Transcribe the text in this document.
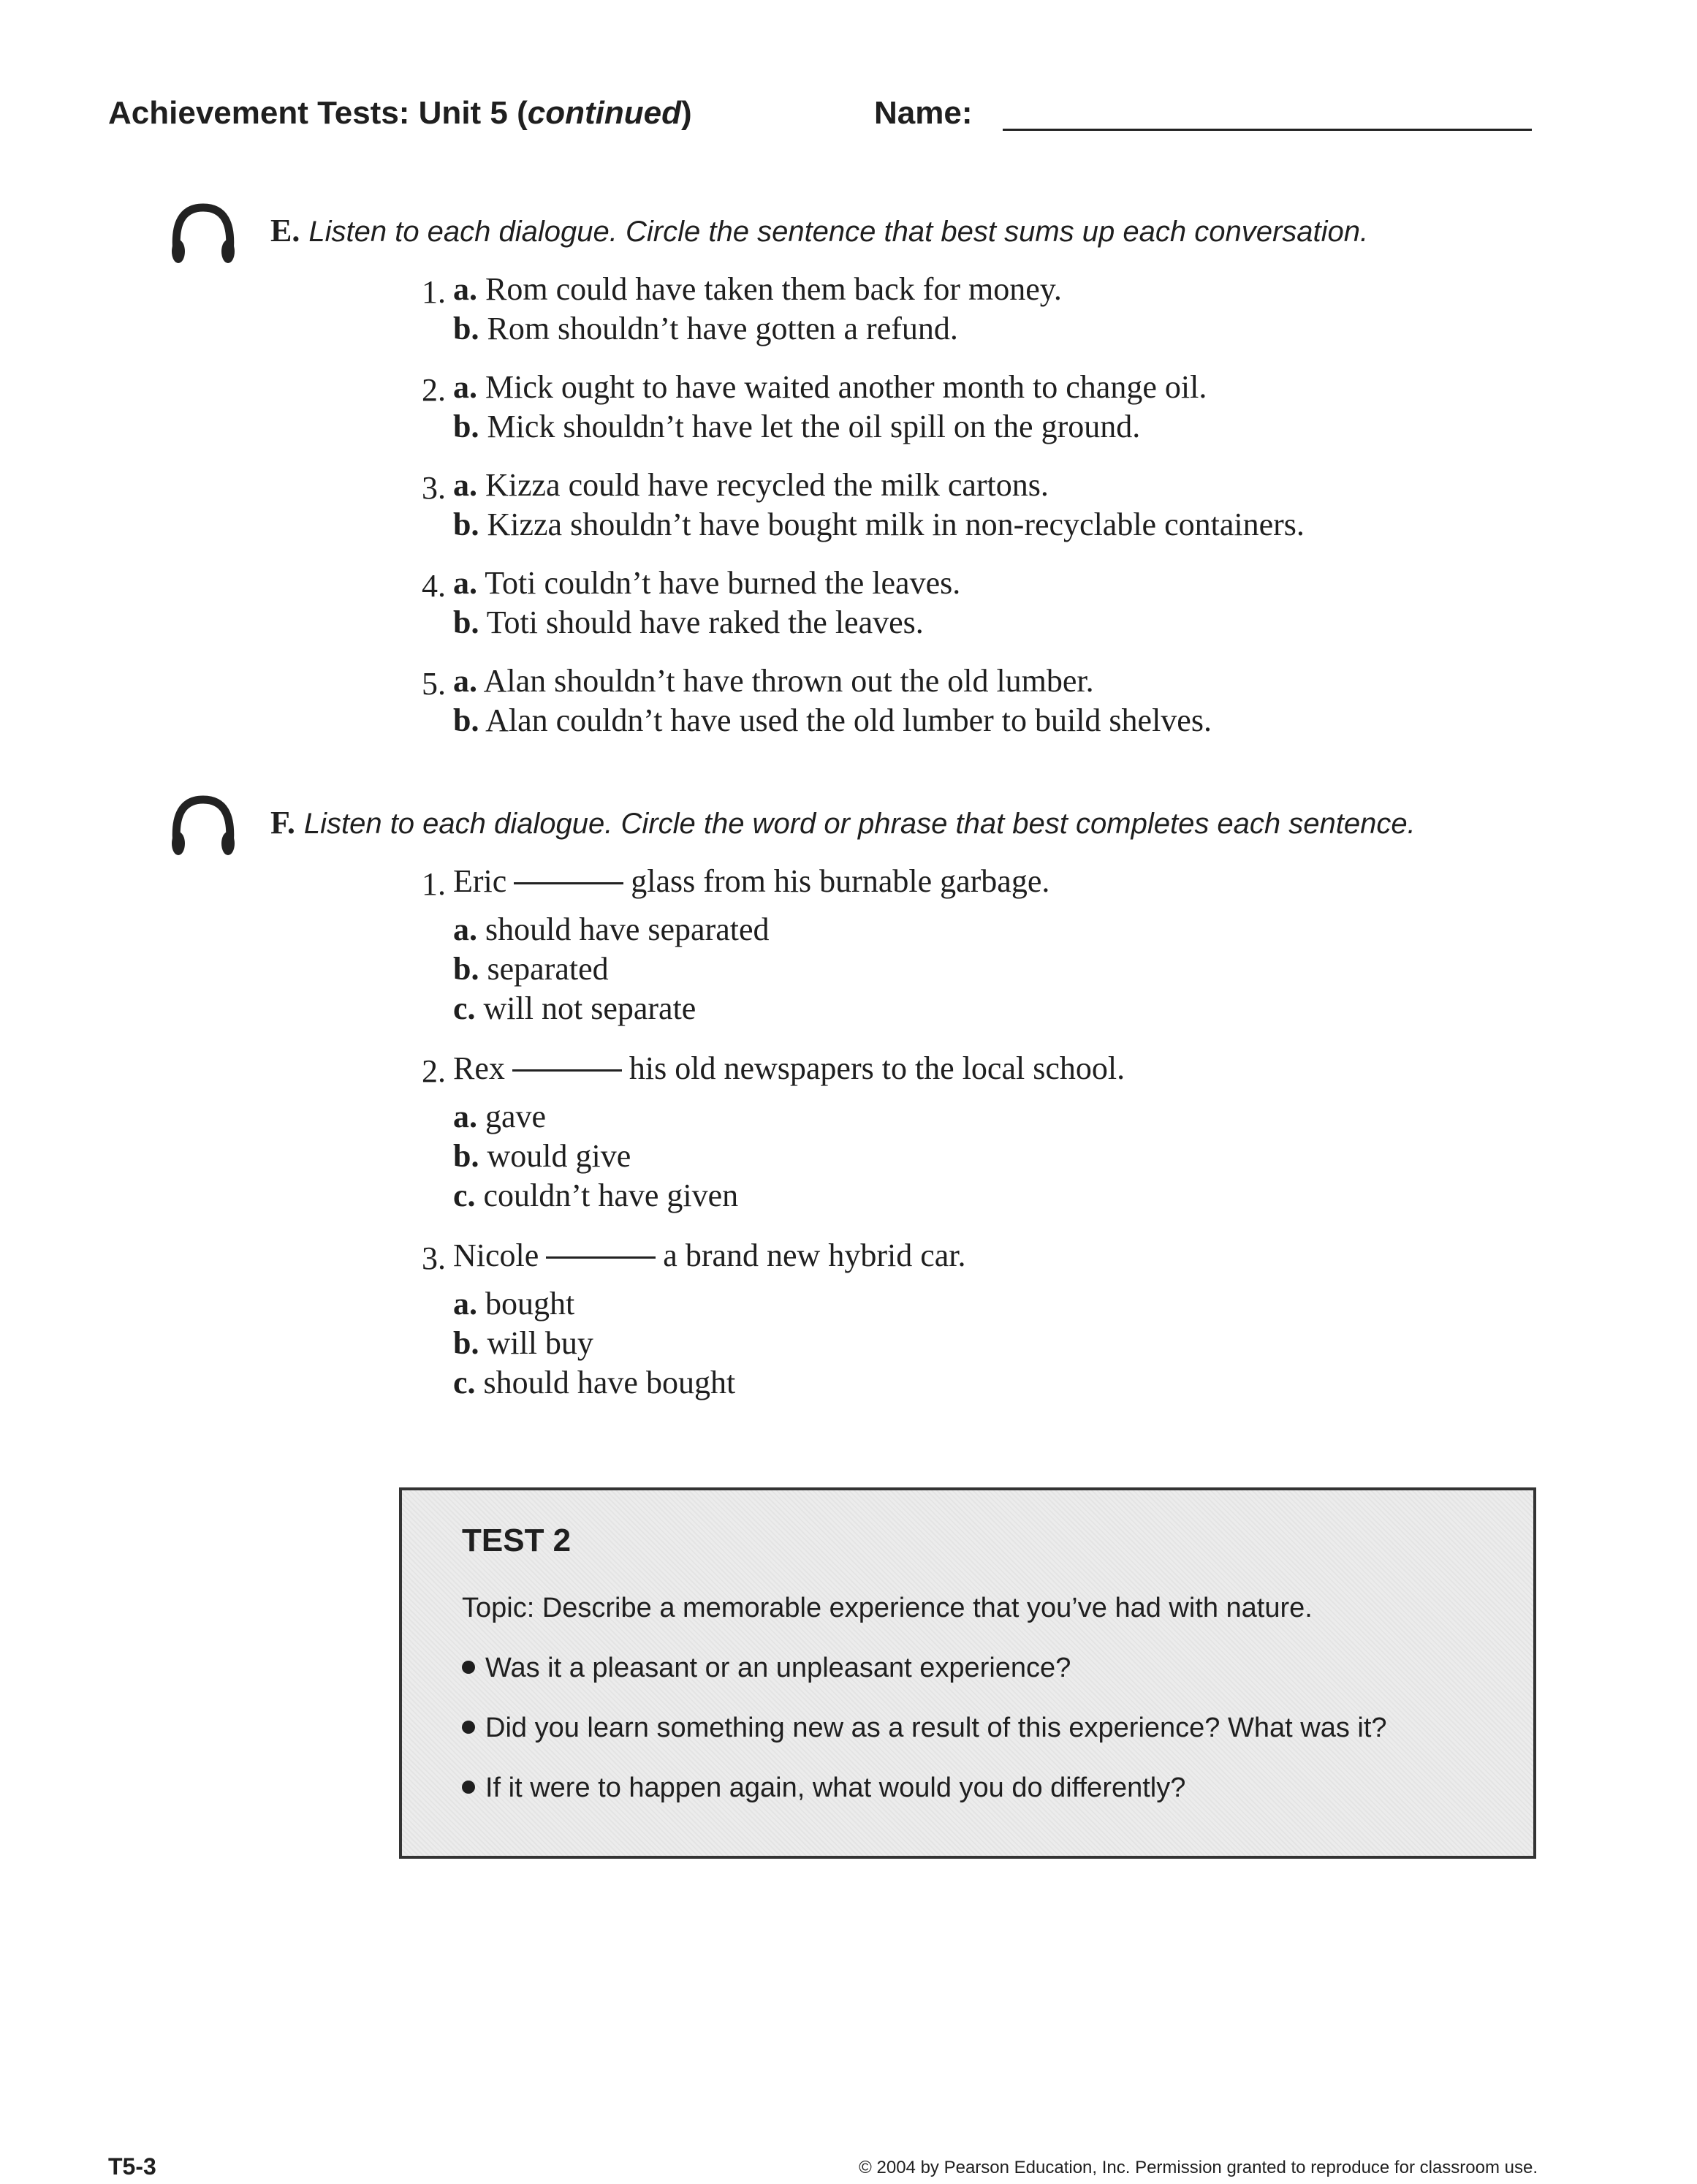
Achievement Tests: Unit 5 (continued)	Name:
E. Listen to each dialogue. Circle the sentence that best sums up each conversation.
1. a. Rom could have taken them back for money.
b. Rom shouldn’t have gotten a refund.
2. a. Mick ought to have waited another month to change oil.
b. Mick shouldn’t have let the oil spill on the ground.
3. a. Kizza could have recycled the milk cartons.
b. Kizza shouldn’t have bought milk in non-recyclable containers.
4. a. Toti couldn’t have burned the leaves.
b. Toti should have raked the leaves.
5. a. Alan shouldn’t have thrown out the old lumber.
b. Alan couldn’t have used the old lumber to build shelves.
F. Listen to each dialogue. Circle the word or phrase that best completes each sentence.
1. Eric	glass from his burnable garbage.
a. should have separated
b. separated
c. will not separate
2. Rex	his old newspapers to the local school.
a. gave
b. would give
c. couldn’t have given
3. Nicole	a brand new hybrid car.
a. bought
b. will buy
c. should have bought
TEST 2
Topic: Describe a memorable experience that you’ve had with nature.
Was it a pleasant or an unpleasant experience?
Did you learn something new as a result of this experience? What was it?
If it were to happen again, what would you do differently?
T5-3	© 2004 by Pearson Education, Inc. Permission granted to reproduce for classroom use.
